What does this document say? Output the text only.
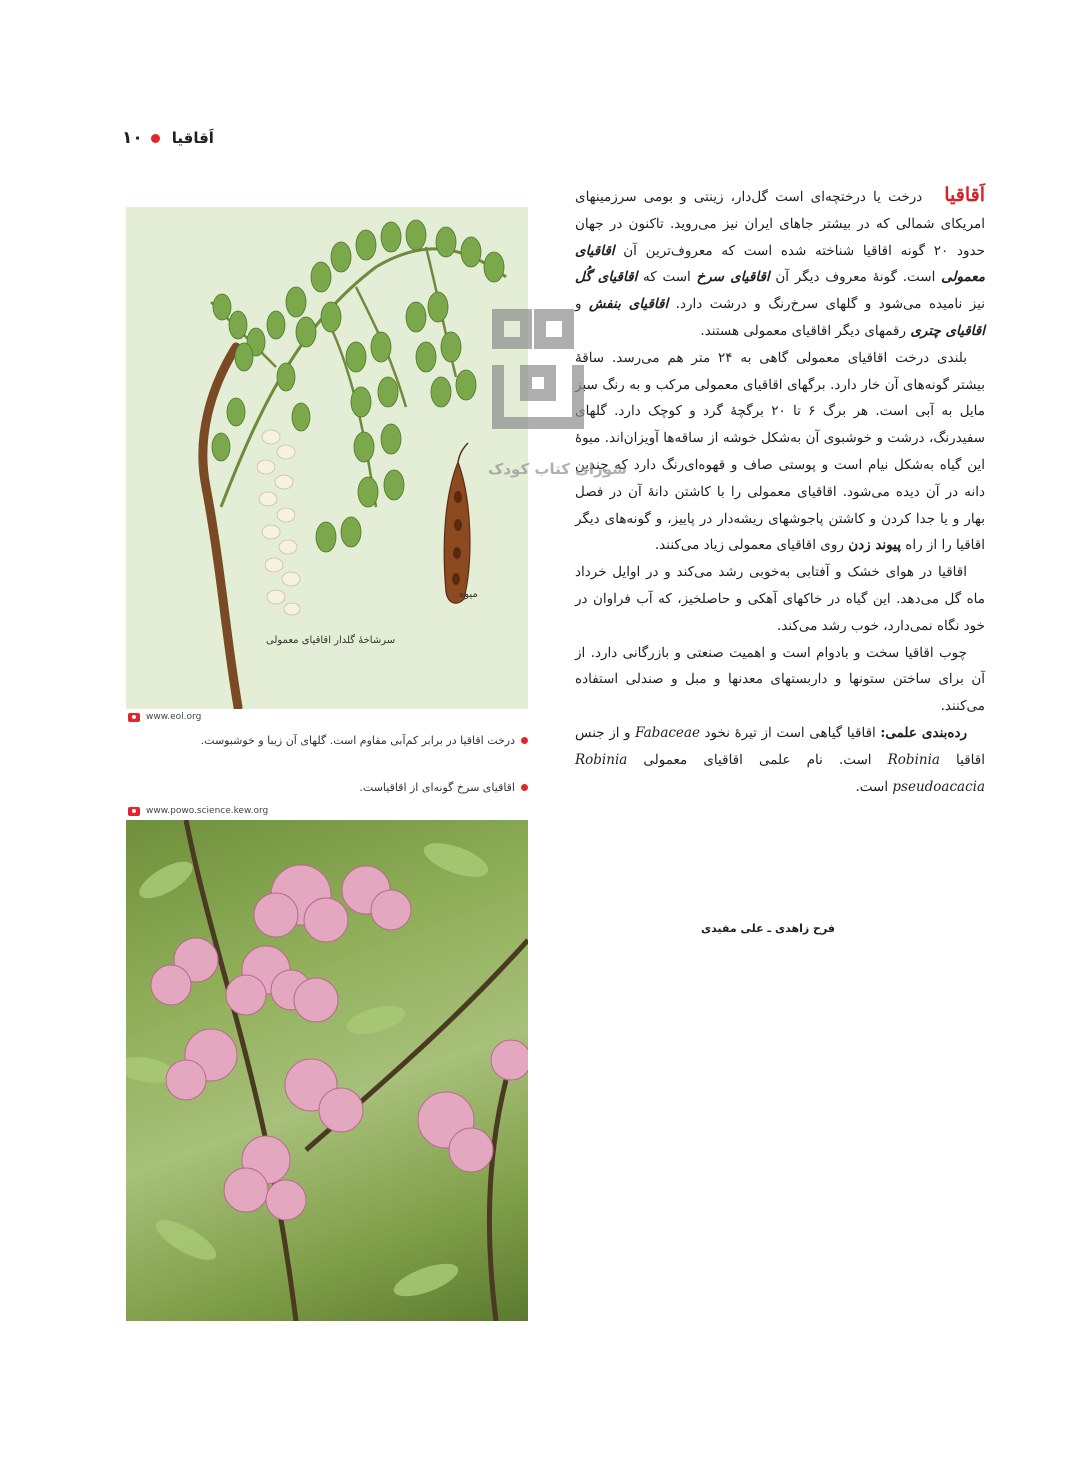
۱۰ اَقاقیا
سرشاخهٔ گلدار اقاقیای معمولی
میوه
www.eol.org
درخت اقاقیا در برابر کم‌آبی مقاوم است. گلهای آن زیبا و خوشبوست.
اقاقیای سرخ گونه‌ای از اقاقیاست.
www.powo.science.kew.org

اَقاقیادرخت یا درختچه‌ای است گل‌دار، زینتی و بومی سرزمینهای امریکای شمالی که در بیشتر جاهای ایران نیز می‌روید. تاکنون در جهان حدود ۲۰ گونه اقاقیا شناخته شده است که معروف‌ترین آن اقاقیای معمولی است. گونهٔ معروف دیگر آن اقاقیای سرخ است که اقاقیای گُل نیز نامیده می‌شود و گلهای سرخ‌رنگ و درشت دارد. اقاقیای بنفش و اقاقیای چتری رقمهای دیگر اقاقیای معمولی هستند.

بلندی درخت اقاقیای معمولی گاهی به ۲۴ متر هم می‌رسد. ساقهٔ بیشتر گونه‌های آن خار دارد. برگهای اقاقیای معمولی مرکب و به رنگ سبز مایل به آبی است. هر برگ ۶ تا ۲۰ برگچهٔ گرد و کوچک دارد. گلهای سفیدرنگ، درشت و خوشبوی آن به‌شکل خوشه از ساقه‌ها آویزان‌اند. میوهٔ این گیاه به‌شکل نیام است و پوستی صاف و قهوه‌ای‌رنگ دارد که چندین دانه در آن دیده می‌شود. اقاقیای معمولی را با کاشتن دانهٔ آن در فصل بهار و یا جدا کردن و کاشتن پاجوشهای ریشه‌دار در پاییز، و گونه‌های دیگر اقاقیا را از راه پیوند زدن روی اقاقیای معمولی زیاد می‌کنند.

اقاقیا در هوای خشک و آفتابی به‌خوبی رشد می‌کند و در اوایل خرداد ماه گل می‌دهد. این گیاه در خاکهای آهکی و حاصلخیز، که آب فراوان در خود نگاه نمی‌دارد، خوب رشد می‌کند.

چوب اقاقیا سخت و بادوام است و اهمیت صنعتی و بازرگانی دارد. از آن برای ساختن ستونها و داربستهای معدنها و مبل و صندلی استفاده می‌کنند.

رده‌بندی علمی: اقاقیا گیاهی است از تیرهٔ نخود Fabaceae و از جنس اقاقیا Robinia است. نام علمی اقاقیای معمولی Robinia pseudoacacia است.

فرح زاهدی ـ علی مفیدی
شورای کتاب کودک
